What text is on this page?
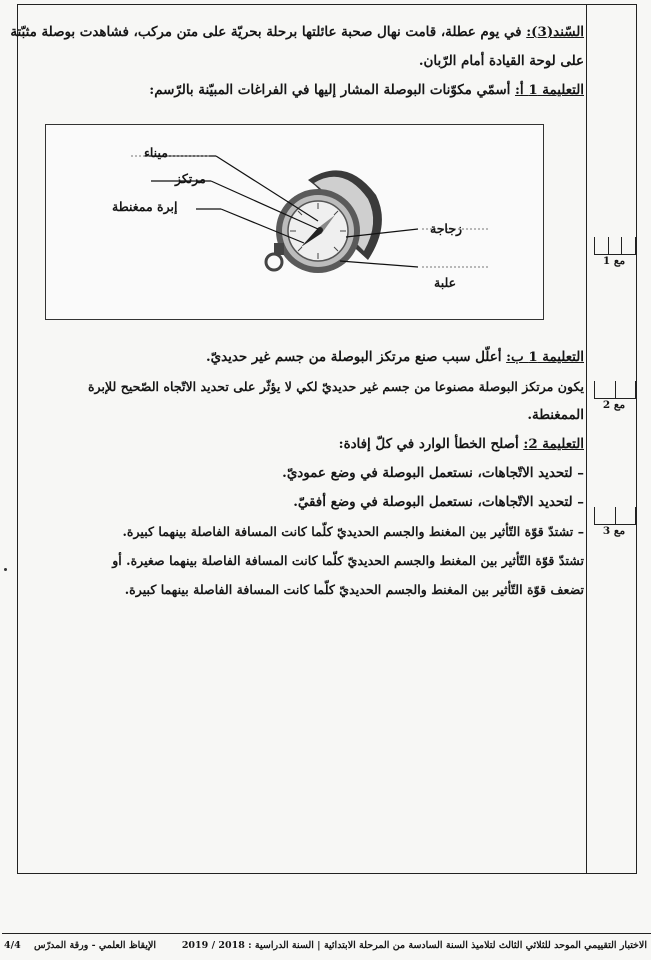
السّند(3): في يوم عطلة، قامت نهال صحبة عائلتها برحلة بحريّة على متن مركب، فشاهدت بوصلة مثبّتة
على لوحة القيادة أمام الرّبان.
التعليمة 1 أ: أسمّي مكوّنات البوصلة المشار إليها في الفراغات المبيّنة بالرّسم:
التعليمة 1 ب: أعلّل سبب صنع مرتكز البوصلة من جسم غير حديديّ.
يكون مرتكز البوصلة مصنوعا من جسم غير حديديّ لكي لا يؤثّر على تحديد الاتّجاه الصّحيح للإبرة
الممغنطة.
التعليمة 2: أصلح الخطأ الوارد في كلّ إفادة:
– لتحديد الاتّجاهات، نستعمل البوصلة في وضع عموديّ.
– لتحديد الاتّجاهات، نستعمل البوصلة في وضع أفقيّ.
– تشتدّ قوّة التّأثير بين المغنط والجسم الحديديّ كلّما كانت المسافة الفاصلة بينهما كبيرة.
تشتدّ قوّة التّأثير بين المغنط والجسم الحديديّ كلّما كانت المسافة الفاصلة بينهما صغيرة. أو
تضعف قوّة التّأثير بين المغنط والجسم الحديديّ كلّما كانت المسافة الفاصلة بينهما كبيرة.
ميناء
مرتكز
إبرة ممغنطة
زجاجة
علبة
مع 1
مع 2
مع 3
الاختبار التقييمي الموحد للثلاثي الثالث لتلاميذ السنة السادسة من المرحلة الابتدائية | السنة الدراسية : 2018 / 2019
الإيقاظ العلمي - ورقة المدرّس
4/4
